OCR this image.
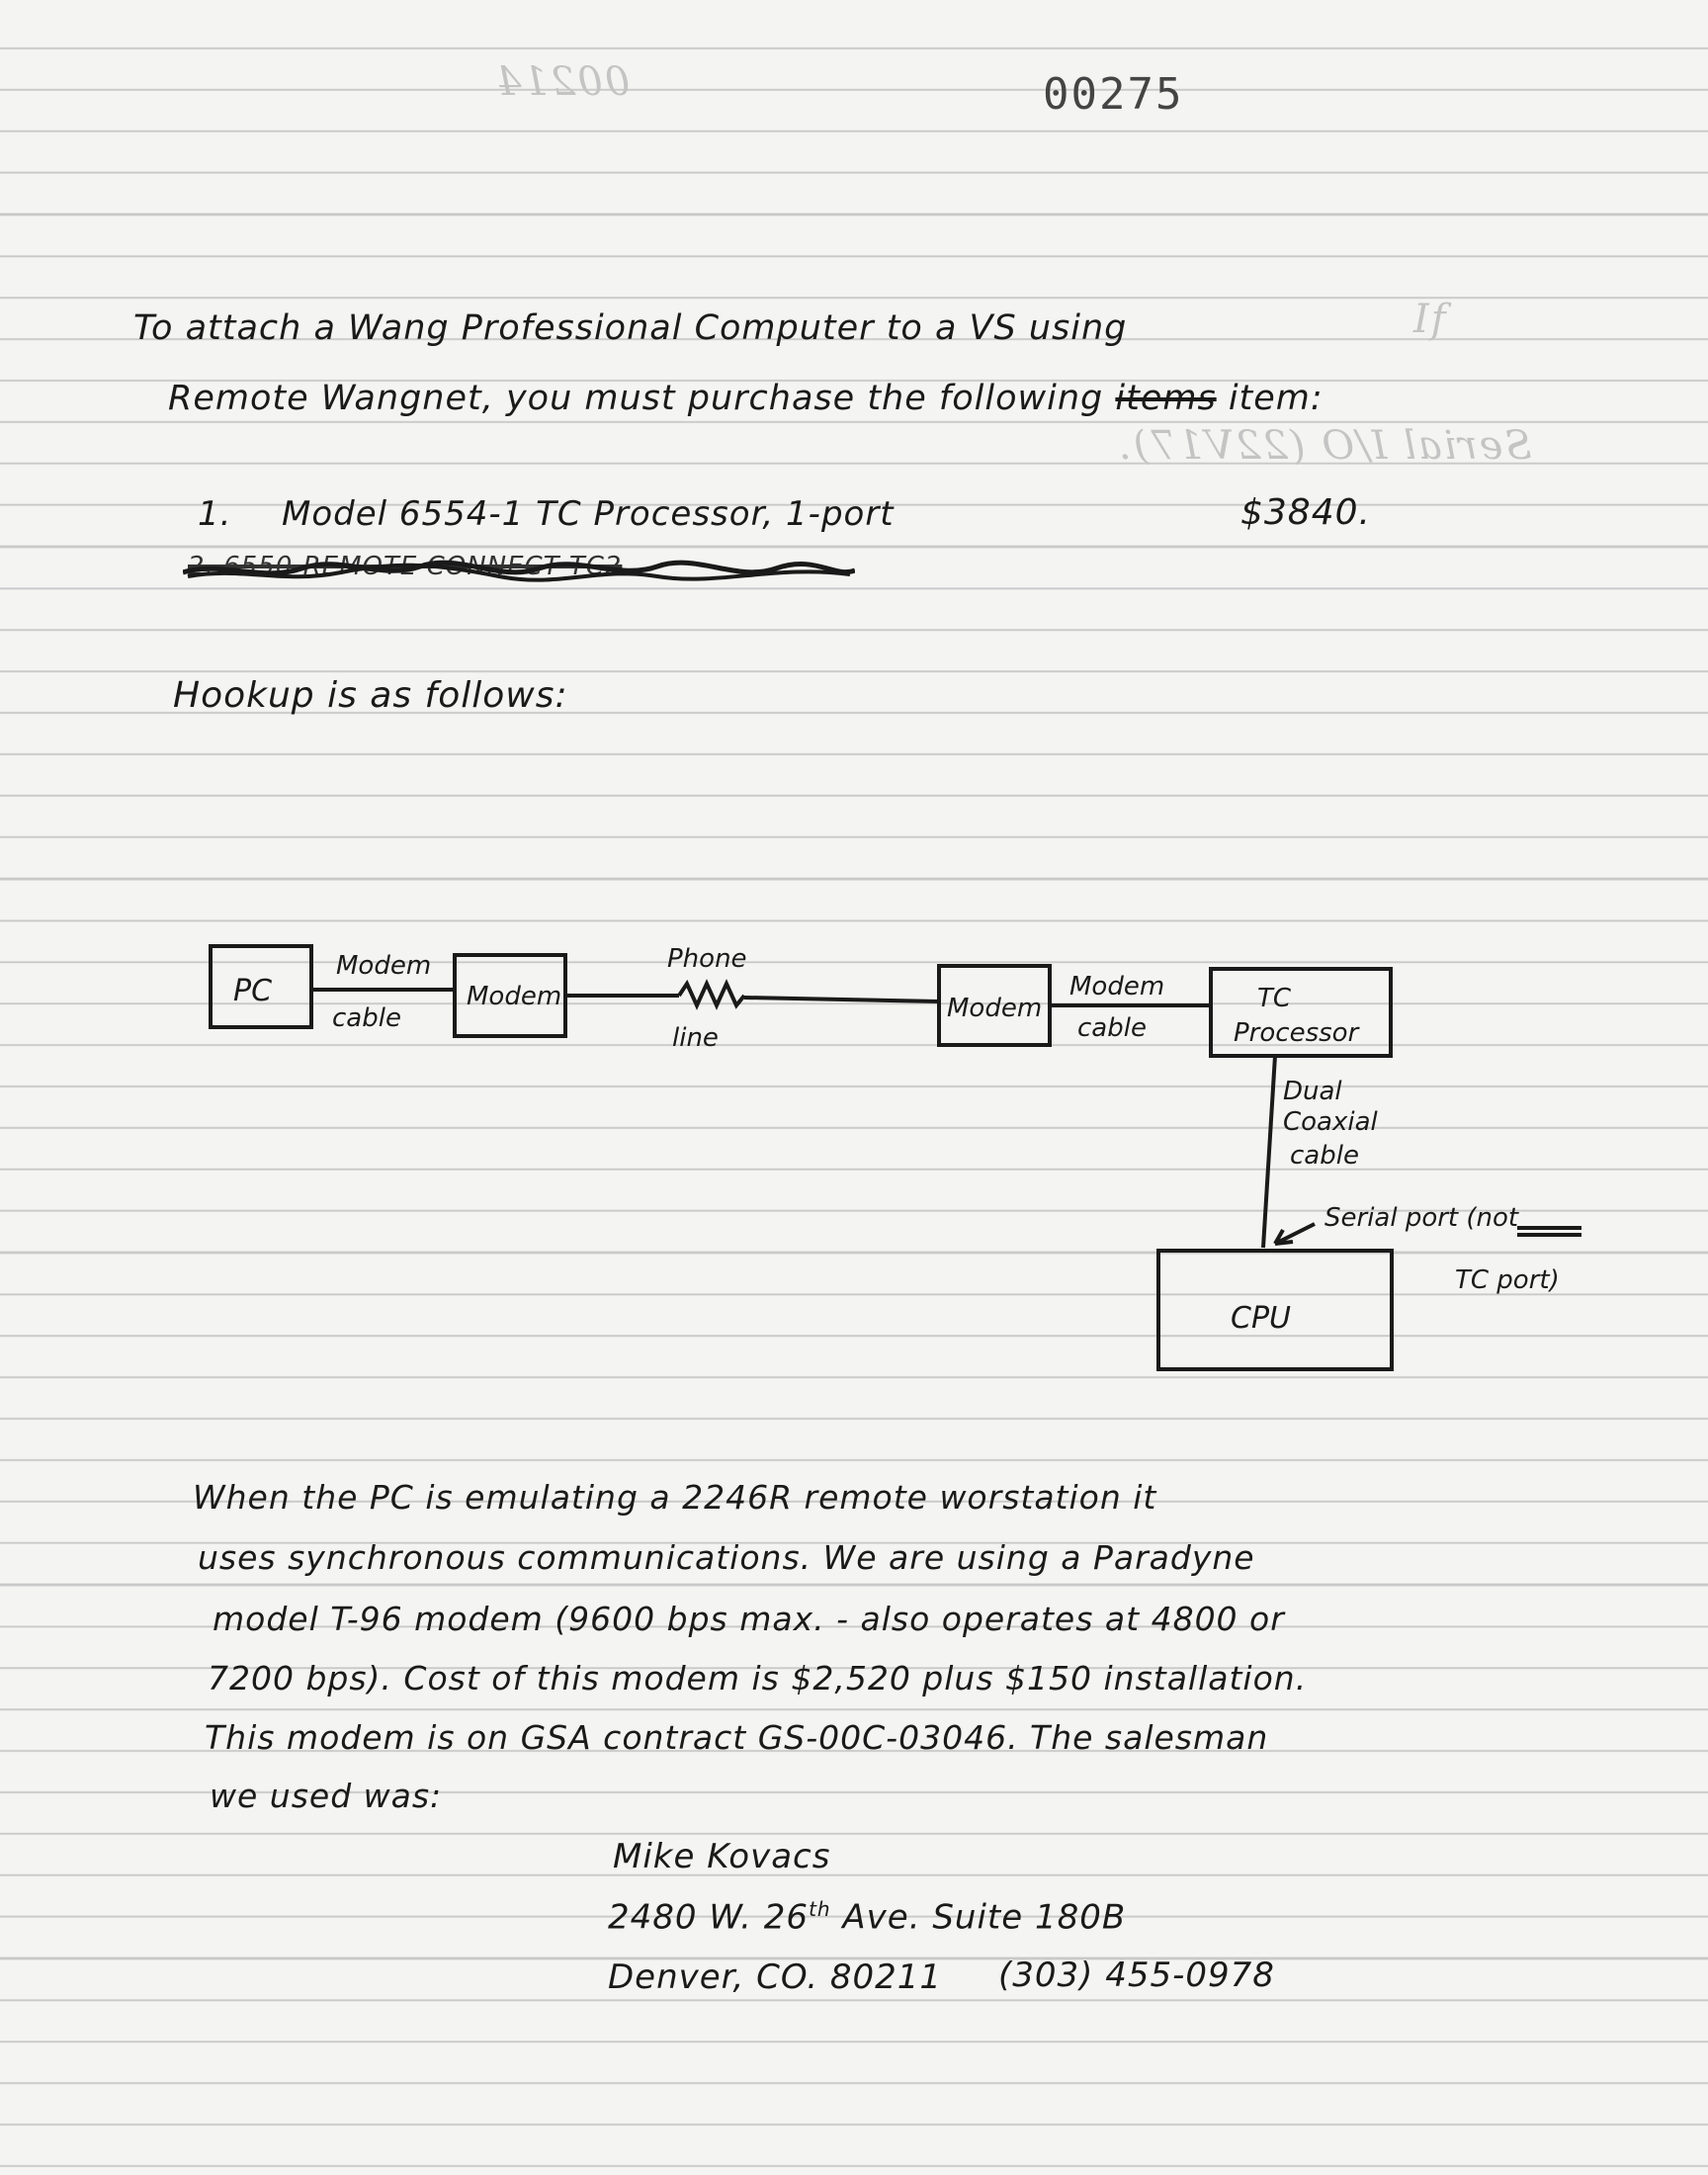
00214
If
Serial I/O (22V17).
00275

To attach a Wang Professional Computer to a VS using

Remote Wangnet, you must purchase the following items item:

1. Model 6554-1 TC Processor, 1-port	$3840.

2. 6550-REMOTE CONNECT TC2

Hookup is as follows:

PC
Modem
cable
Modem
Phone
line
Modem
Modem
cable
TC
Processor
Dual
Coaxial
cable
Serial port (not
TC port)
CPU

When the PC is emulating a 2246R remote worstation it

uses synchronous communications. We are using a Paradyne

model T-96 modem (9600 bps max. - also operates at 4800 or

7200 bps). Cost of this modem is $2,520 plus $150 installation.

This modem is on GSA contract GS-00C-03046. The salesman

we used was:

Mike Kovacs

2480 W. 26th Ave. Suite 180B

Denver, CO. 80211 (303) 455-0978
